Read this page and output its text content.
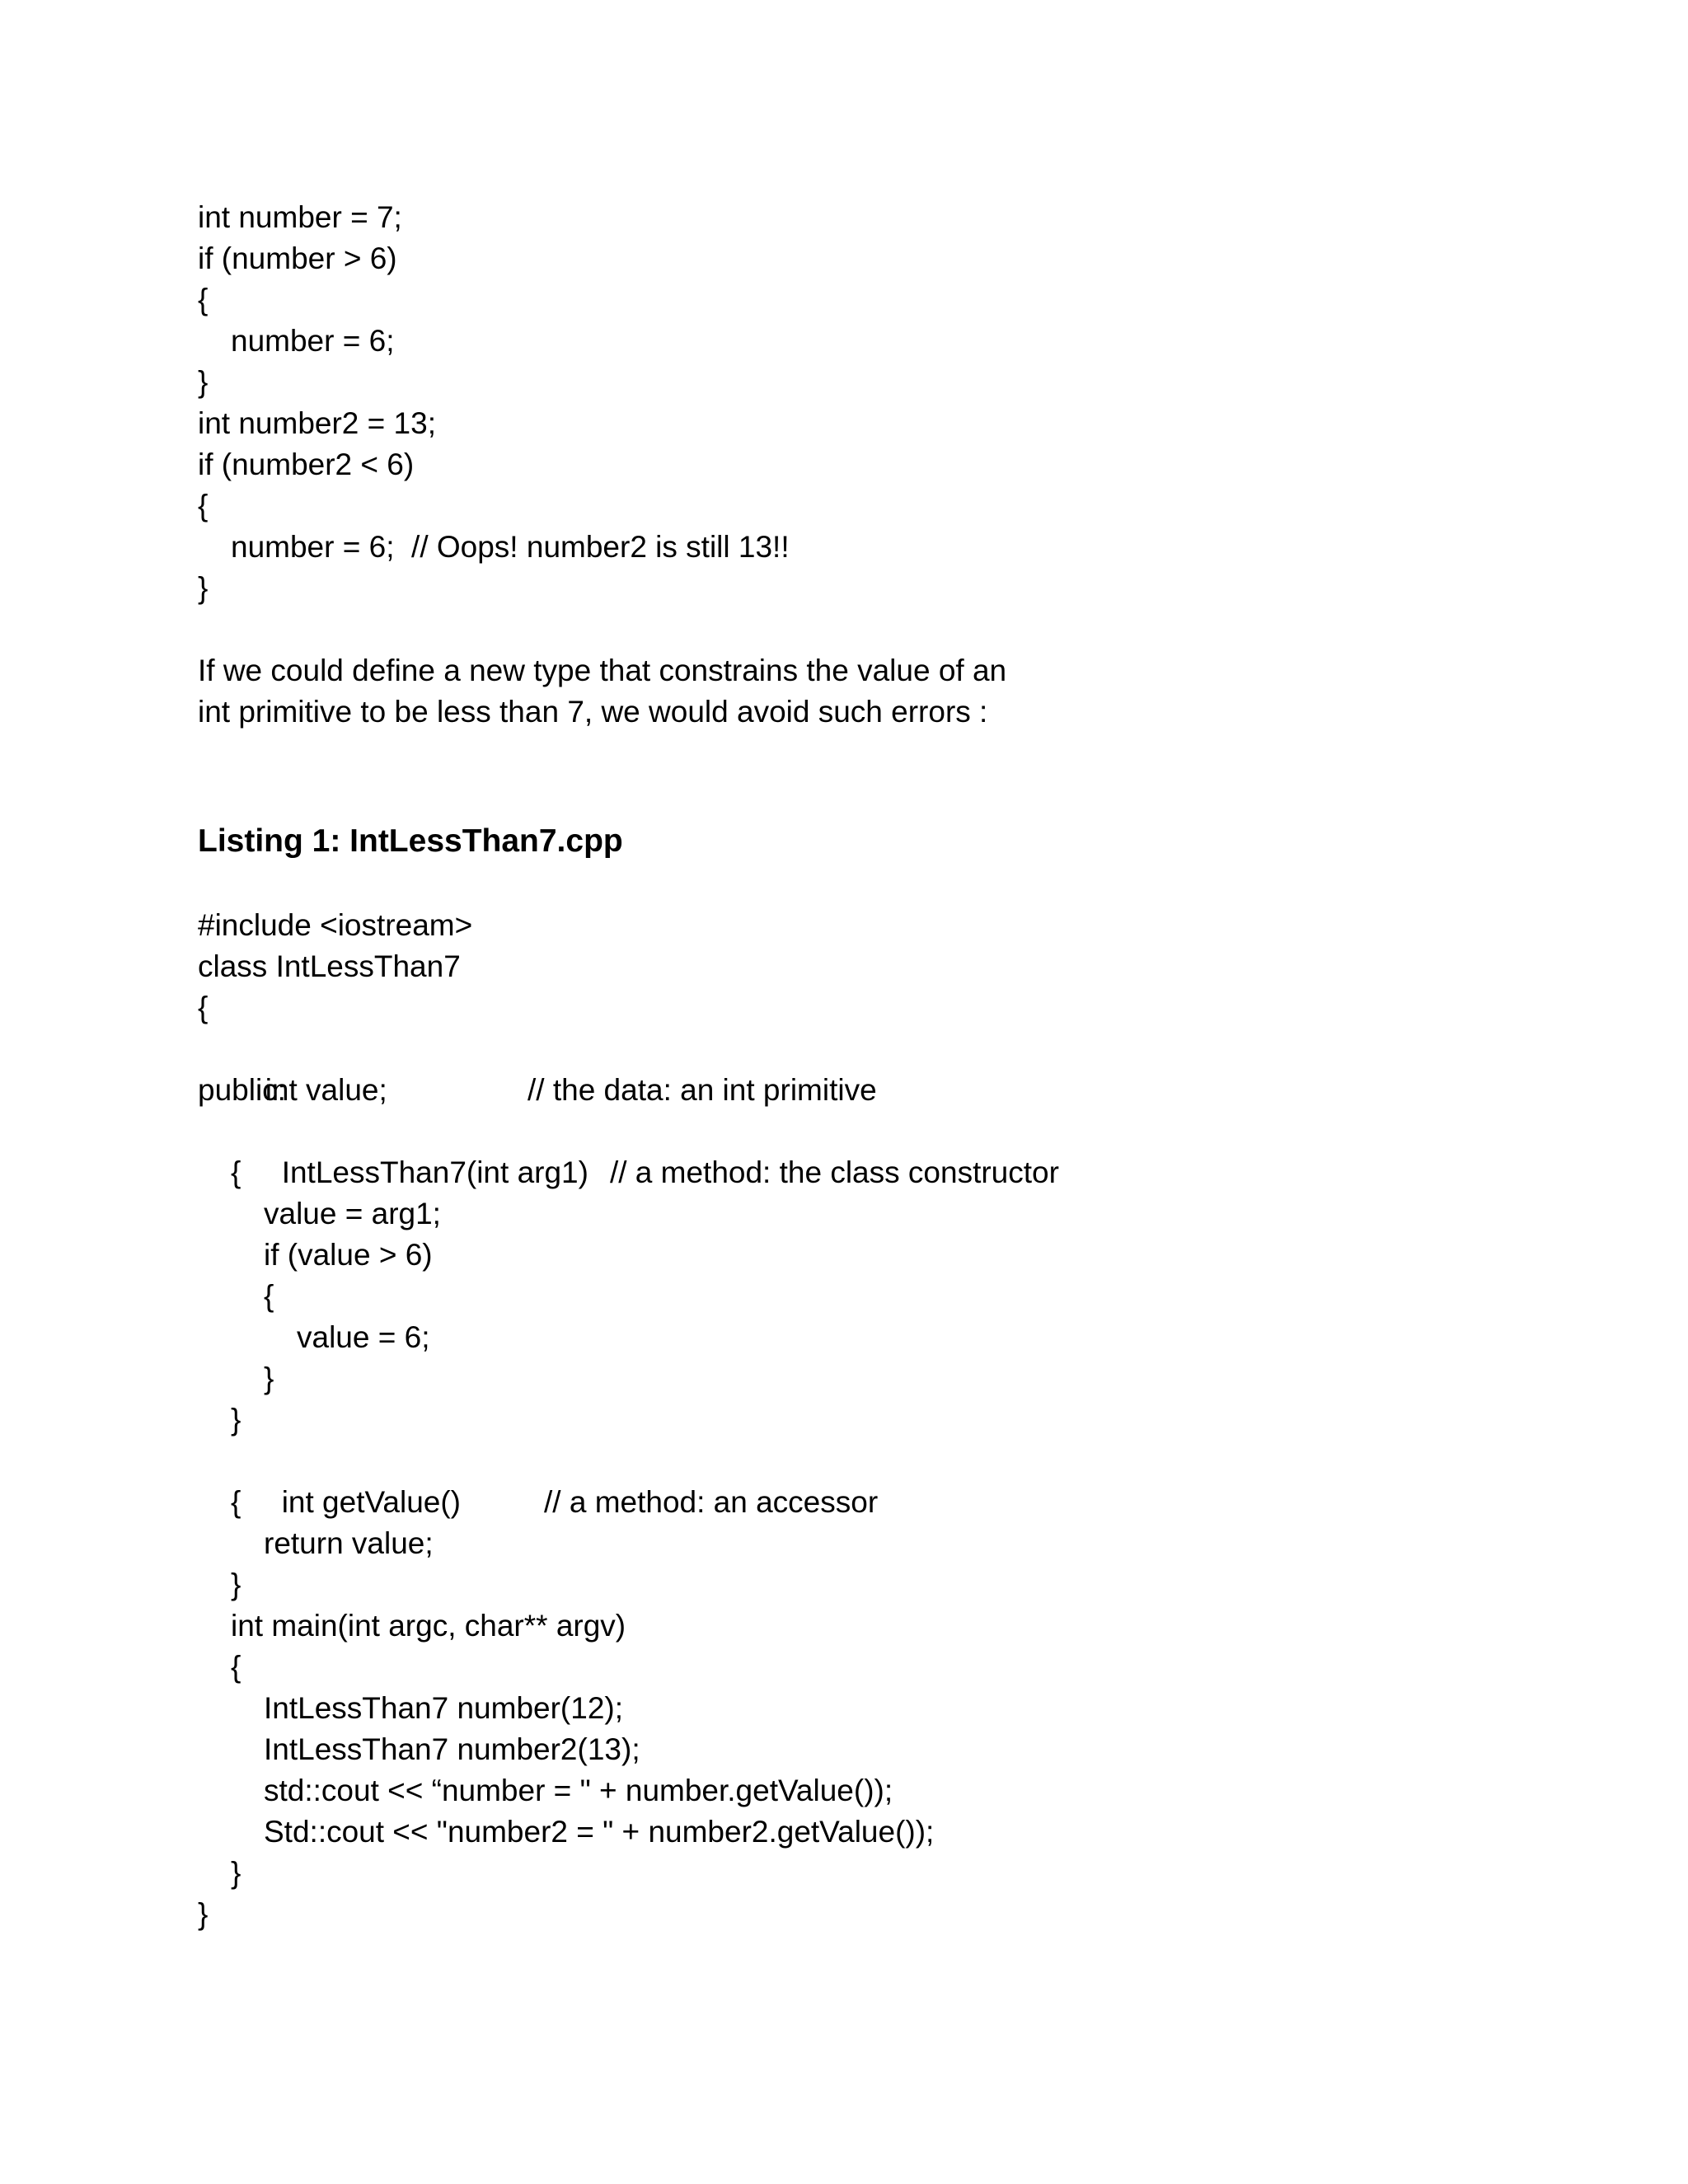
int number = 7;
if (number > 6)
{
number = 6;
}
int number2 = 13;
if (number2 < 6)
{
number = 6;  // Oops! number2 is still 13!!
}
If we could define a new type that constrains the value of an
int primitive to be less than 7, we would avoid such errors :
Listing 1: IntLessThan7.cpp
#include <iostream>
class IntLessThan7
{

int value;	// the data: an int primitive

public:

IntLessThan7(int arg1) // a method: the class constructor

{
value = arg1;
if (value > 6)
{
value = 6;
}
}

int getValue()	// a method: an accessor

{
return value;
}
int main(int argc, char** argv)
{
IntLessThan7 number(12);
IntLessThan7 number2(13);
std::cout << “number = " + number.getValue());
Std::cout << "number2 = " + number2.getValue());
}
}
